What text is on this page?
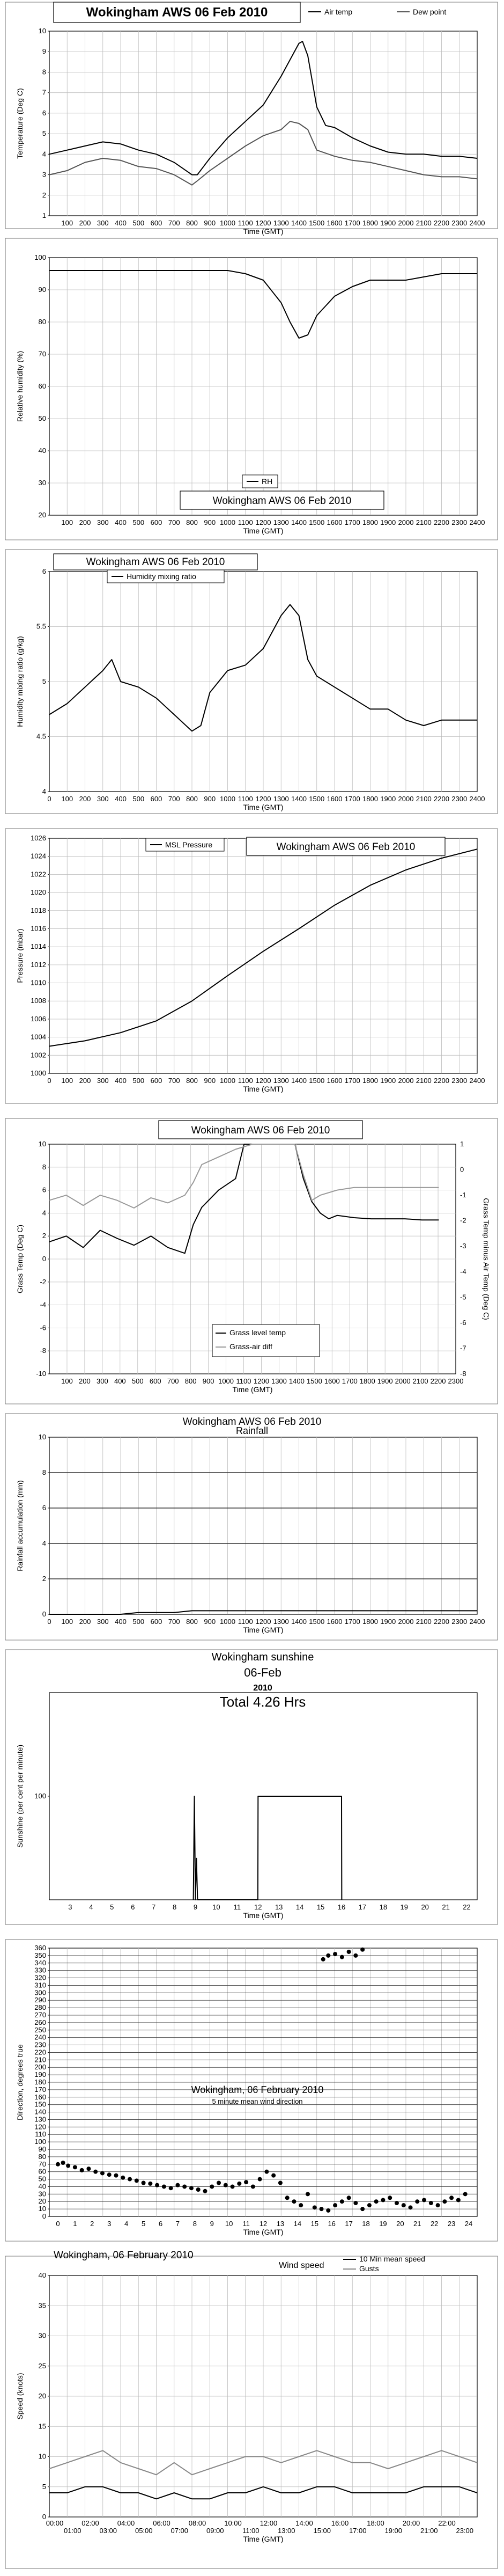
1
2
3
4
5
6
7
8
9
10
100 200 300 400 500 600 700 800 900 1000 1100 1200 1300 1400 1500 1600 1700 1800 1900 2000 2100 2200 2300 2400
Time (GMT)
Temperature (Deg C)
Wokingham AWS 06 Feb 2010	Air temp	Dew point
20
30
40
50
60
70
80
90
100
100 200 300 400 500 600 700 800 900 1000 1100 1200 1300 1400 1500 1600 1700 1800 1900 2000 2100 2200 2300 2400
Time (GMT)
Relative humidity (%)
Wokingham AWS 06 Feb 2010
RH
4
4.5
5
5.5
6
0 100 200 300 400 500 600 700 800 900 1000 1100 1200 1300 1400 1500 1600 1700 1800 1900 2000 2100 2200 2300 2400
Time (GMT)
Humidity mixing ratio (g/kg)
Wokingham AWS 06 Feb 2010
Humidity mixing ratio
1000
1002
1004
1006
1008
1010
1012
1014
1016
1018
1020
1022
1024
1026
0 100 200 300 400 500 600 700 800 900 1000 1100 1200 1300 1400 1500 1600 1700 1800 1900 2000 2100 2200 2300 2400
Time (GMT)
Pressure (mbar)
Wokingham AWS 06 Feb 2010
MSL Pressure
-10
-8
-6
-4
-2
0
2
4
6
8
10
-8
-7
-6
-5
-4
-3
-2
-1
0
1
100 200 300 400 500 600 700 800 900 1000 1100 1200 1300 1400 1500 1600 1700 1800 1900 2000 2100 2200 2300
Time (GMT)
Grass Temp (Deg C)	Grass Temp minus Air Temp (Deg C)
Wokingham AWS 06 Feb 2010
Grass level temp
Grass-air diff
0
2
4
6
8
10
0 100 200 300 400 500 600 700 800 900 1000 1100 1200 1300 1400 1500 1600 1700 1800 1900 2000 2100 2200 2300 2400
Time (GMT)
Rainfall accumulation (mm)
Wokingham AWS 06 Feb 2010
Rainfall
100
3 4 5 6 7 8 9 10 11 12 13 14 15 16 17 18 19 20 21 22
Time (GMT)
Sunshine (per cent per minute)
Wokingham sunshine
06-Feb
2010
Total 4.26 Hrs
0
10
20
30
40
50
60
70
80
90
100
110
120
130
140
150
160
170
180
190
200
210
220
230
240
250
260
270
280
290
300
310
320
330
340
350
360
0 1 2 3 4 5 6 7 8 9 10 11 12 13 14 15 16 17 18 19 20 21 22 23 24
Time (GMT)
Direction, degrees true	Wokingham, 06 February 2010
5 minute mean wind direction
0
5
10
15
20
25
30
35
40
00:00	02:00	04:00	06:00	08:00	10:00	12:00	14:00	16:00	18:00	20:00	22:00
01:00	03:00	05:00	07:00	09:00	11:00	13:00	15:00	17:00	19:00	21:00	23:00
Time (GMT)
Speed (knots)
Wokingham, 06 February 2010
Wind speed
10 Min mean speed
Gusts
